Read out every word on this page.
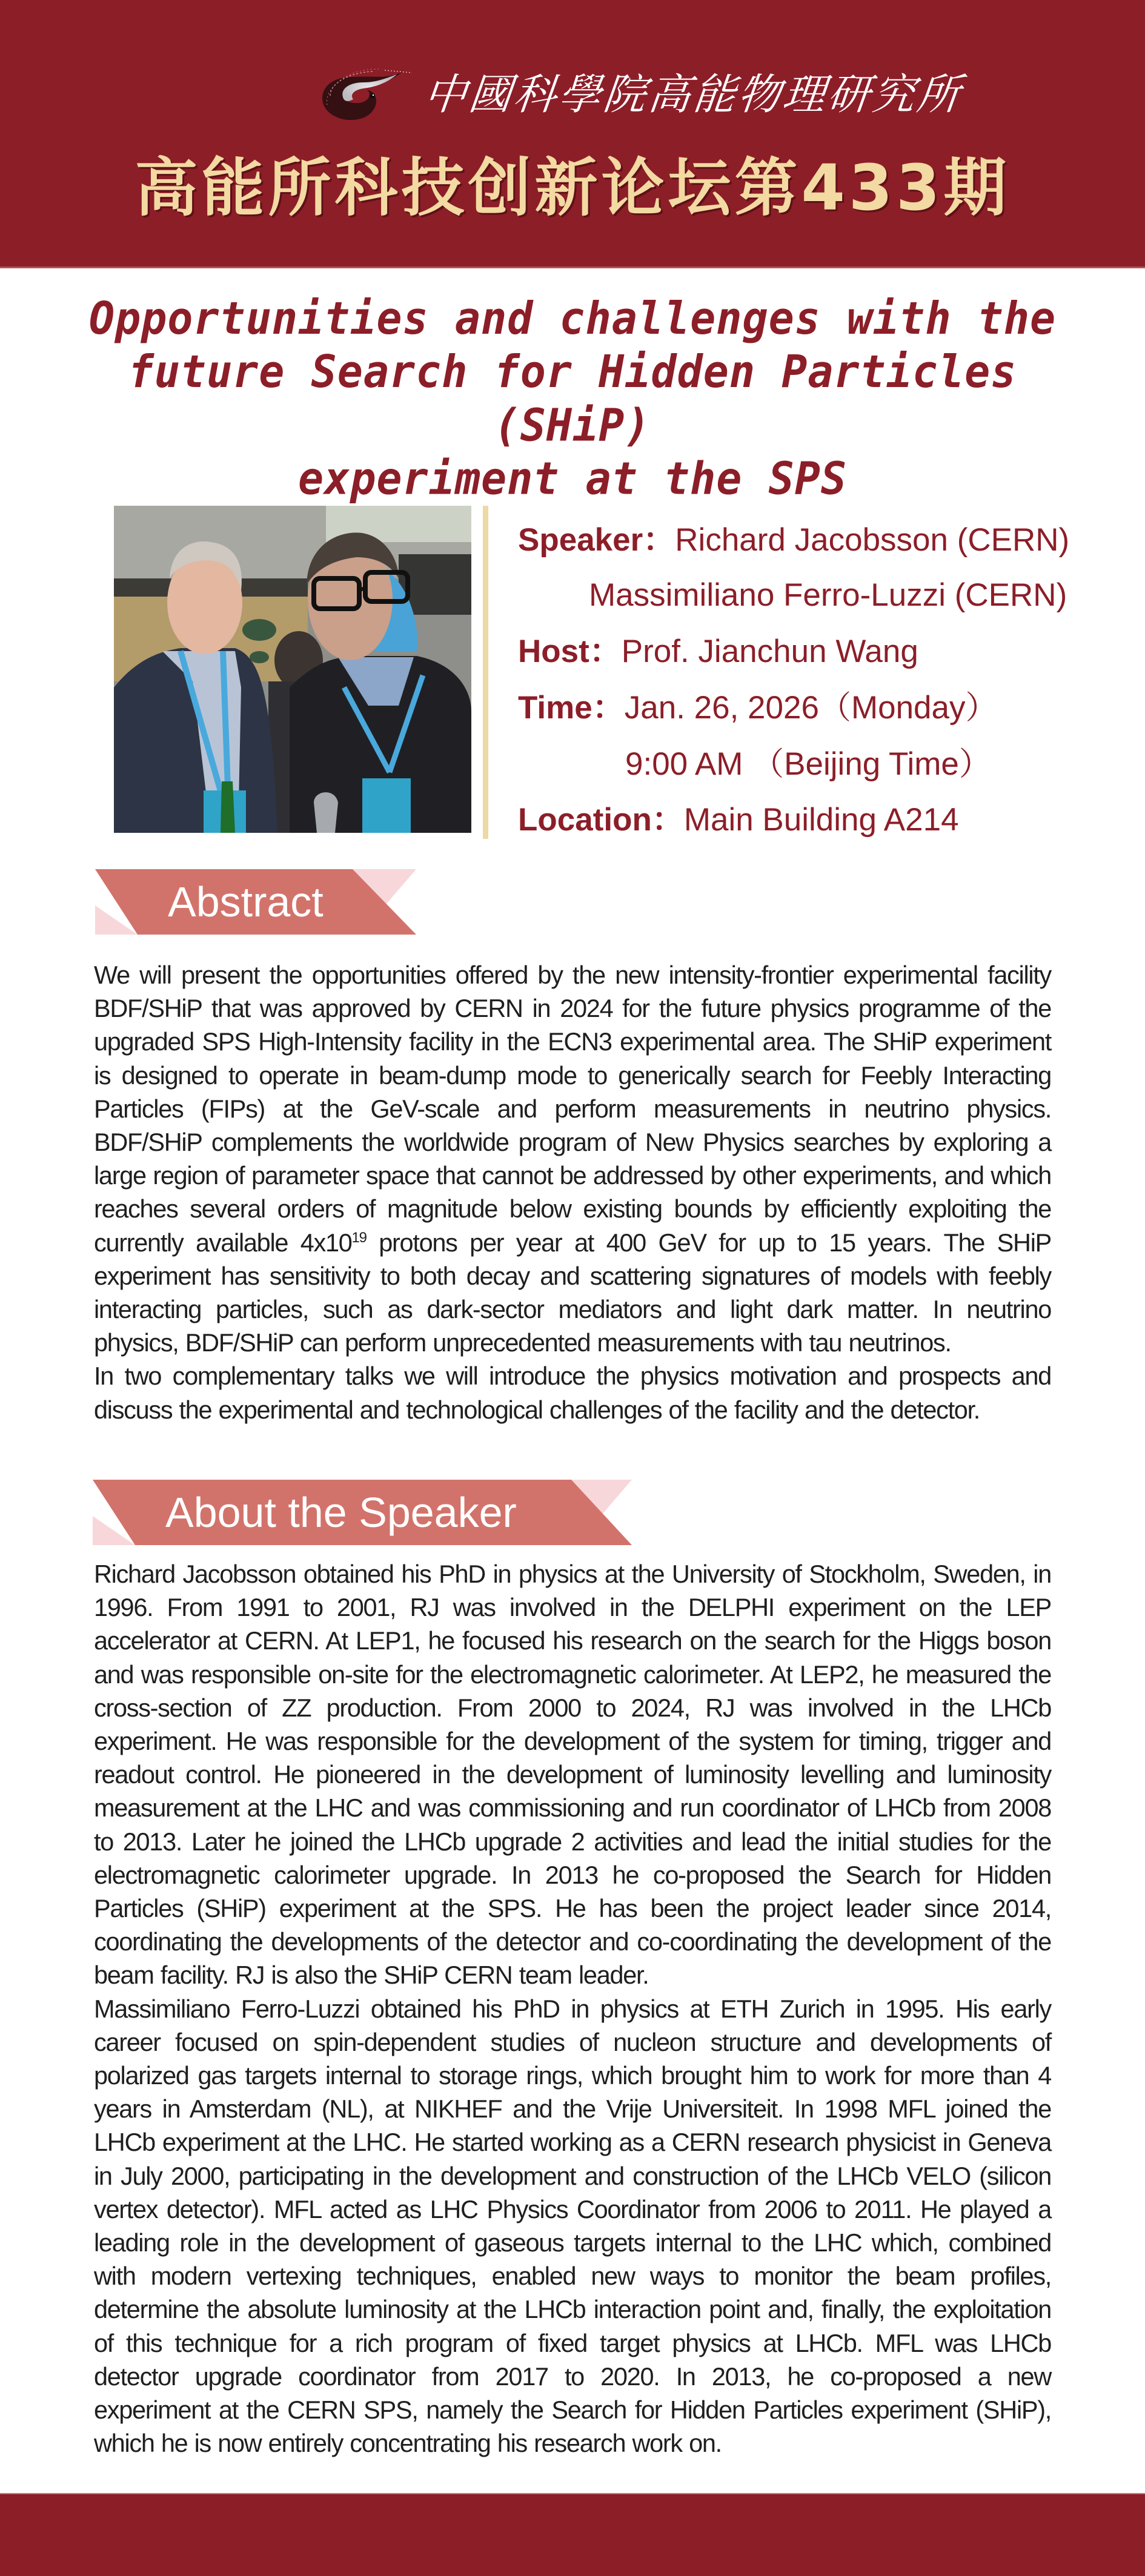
中國科學院高能物理研究所
高能所科技创新论坛第433期
Opportunities and challenges with the
future Search for Hidden Particles (SHiP)
experiment at the SPS
Speaker：Richard Jacobsson (CERN)
Massimiliano Ferro-Luzzi (CERN)
Host：Prof. Jianchun Wang
Time：Jan. 26, 2026（Monday）
9:00 AM （Beijing Time）
Location：Main Building A214
Abstract

We will present the opportunities offered by the new intensity-frontier experimental facility BDF/SHiP that was approved by CERN in 2024 for the future physics programme of the upgraded SPS High-Intensity facility in the ECN3 experimental area. The SHiP experiment is designed to operate in beam-dump mode to generically search for Feebly Interacting Particles (FIPs) at the GeV-scale and perform measurements in neutrino physics. BDF/SHiP complements the worldwide program of New Physics searches by exploring a large region of parameter space that cannot be addressed by other experiments, and which reaches several orders of magnitude below existing bounds by efficiently exploiting the currently available $4x10^{19}$ protons per year at 400 GeV for up to 15 years. The SHiP experiment has sensitivity to both decay and scattering signatures of models with feebly interacting particles, such as dark-sector mediators and light dark matter. In neutrino physics, BDF/SHiP can perform unprecedented measurements with tau neutrinos.

In two complementary talks we will introduce the physics motivation and prospects and discuss the experimental and technological challenges of the facility and the detector.

About the Speaker

Richard Jacobsson obtained his PhD in physics at the University of Stockholm, Sweden, in 1996. From 1991 to 2001, RJ was involved in the DELPHI experiment on the LEP accelerator at CERN. At LEP1, he focused his research on the search for the Higgs boson and was responsible on-site for the electromagnetic calorimeter. At LEP2, he measured the cross-section of ZZ production. From 2000 to 2024, RJ was involved in the LHCb experiment. He was responsible for the development of the system for timing, trigger and readout control. He pioneered in the development of luminosity levelling and luminosity measurement at the LHC and was commissioning and run coordinator of LHCb from 2008 to 2013. Later he joined the LHCb upgrade 2 activities and lead the initial studies for the electromagnetic calorimeter upgrade. In 2013 he co-proposed the Search for Hidden Particles (SHiP) experiment at the SPS. He has been the project leader since 2014, coordinating the developments of the detector and co-coordinating the development of the beam facility. RJ is also the SHiP CERN team leader.

Massimiliano Ferro-Luzzi obtained his PhD in physics at ETH Zurich in 1995. His early career focused on spin-dependent studies of nucleon structure and developments of polarized gas targets internal to storage rings, which brought him to work for more than 4 years in Amsterdam (NL), at NIKHEF and the Vrije Universiteit. In 1998 MFL joined the LHCb experiment at the LHC. He started working as a CERN research physicist in Geneva in July 2000, participating in the development and construction of the LHCb VELO (silicon vertex detector). MFL acted as LHC Physics Coordinator from 2006 to 2011. He played a leading role in the development of gaseous targets internal to the LHC which, combined with modern vertexing techniques, enabled new ways to monitor the beam profiles, determine the absolute luminosity at the LHCb interaction point and, finally, the exploitation of this technique for a rich program of fixed target physics at LHCb. MFL was LHCb detector upgrade coordinator from 2017 to 2020. In 2013, he co-proposed a new experiment at the CERN SPS, namely the Search for Hidden Particles experiment (SHiP), which he is now entirely concentrating his research work on.
